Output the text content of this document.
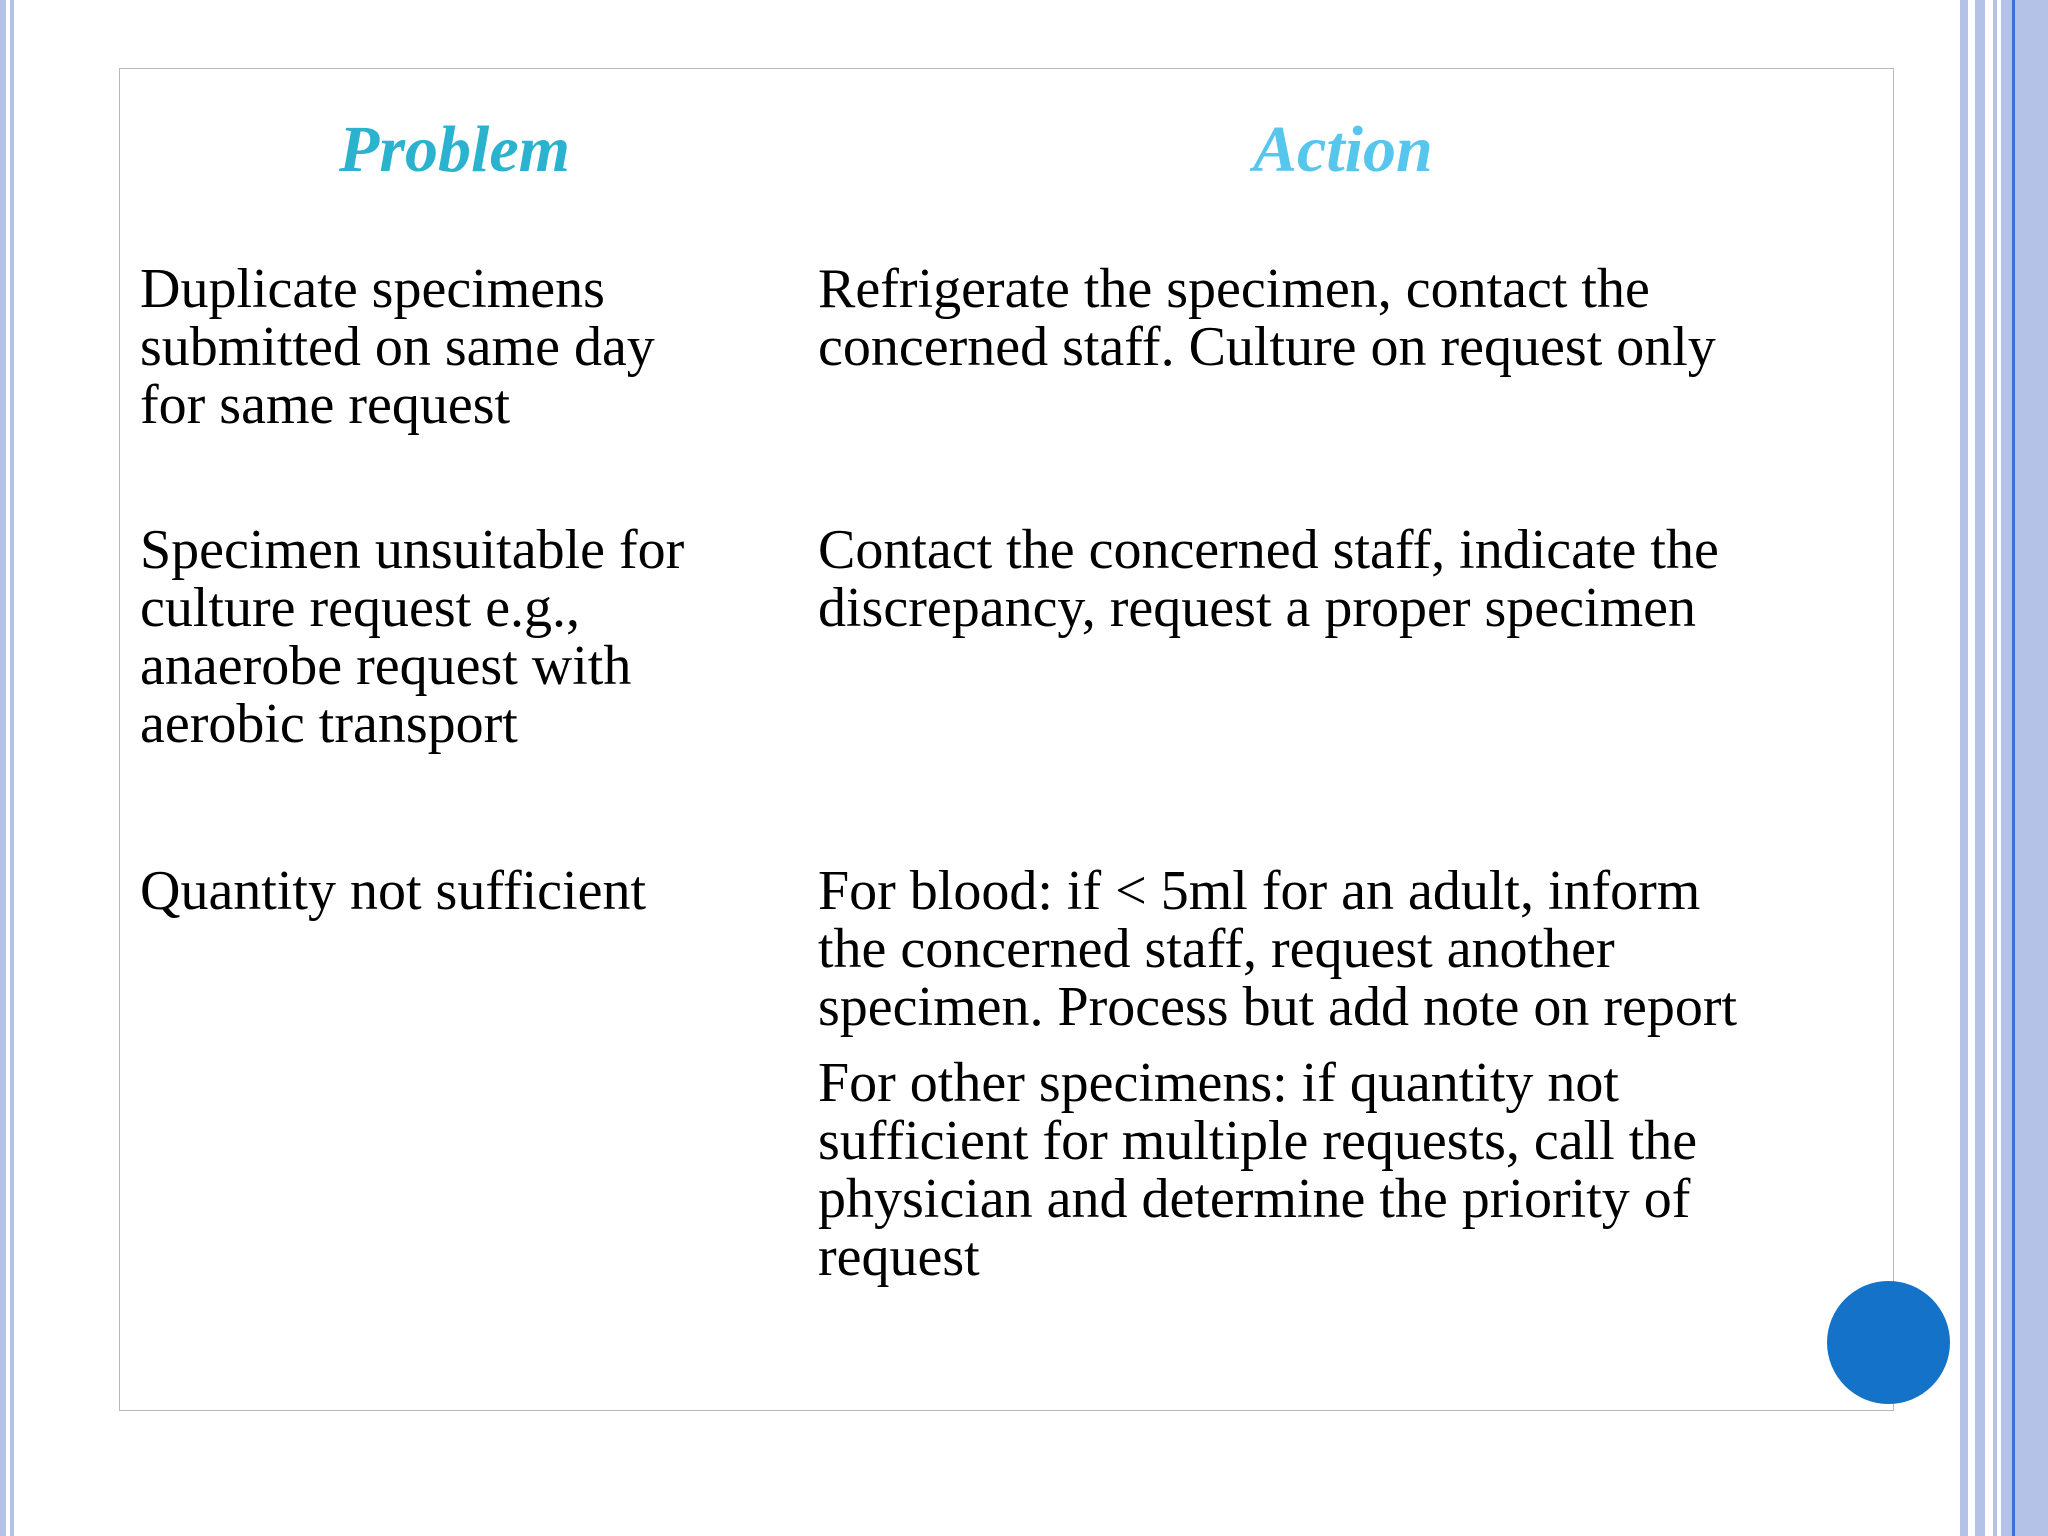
Problem	Action
Duplicate specimens
submitted on same day
for same request
Refrigerate the specimen, contact the
concerned staff. Culture on request only
Specimen unsuitable for
culture request e.g.,
anaerobe request with
aerobic transport
Contact the concerned staff, indicate the
discrepancy, request a proper specimen
Quantity not sufficient	For blood: if < 5ml for an adult, inform
the concerned staff, request another
specimen. Process but add note on report
For other specimens: if quantity not
sufficient for multiple requests, call the
physician and determine the priority of
request
